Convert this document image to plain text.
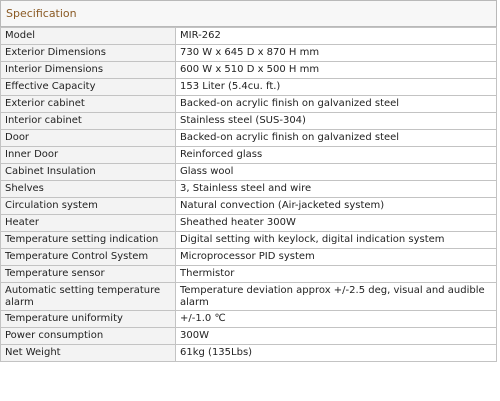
Specification
Model	MIR-262
Exterior Dimensions	730 W x 645 D x 870 H mm
Interior Dimensions	600 W x 510 D x 500 H mm
Effective Capacity	153 Liter (5.4cu. ft.)
Exterior cabinet	Backed-on acrylic finish on galvanized steel
Interior cabinet	Stainless steel (SUS-304)
Door	Backed-on acrylic finish on galvanized steel
Inner Door	Reinforced glass
Cabinet Insulation	Glass wool
Shelves	3, Stainless steel and wire
Circulation system	Natural convection (Air-jacketed system)
Heater	Sheathed heater 300W
Temperature setting indication	Digital setting with keylock, digital indication system
Temperature Control System	Microprocessor PID system
Temperature sensor	Thermistor
Automatic setting temperature alarm	Temperature deviation approx +/-2.5 deg, visual and audible alarm
Temperature uniformity	+/-1.0 ℃
Power consumption	300W
Net Weight	61kg (135Lbs)
